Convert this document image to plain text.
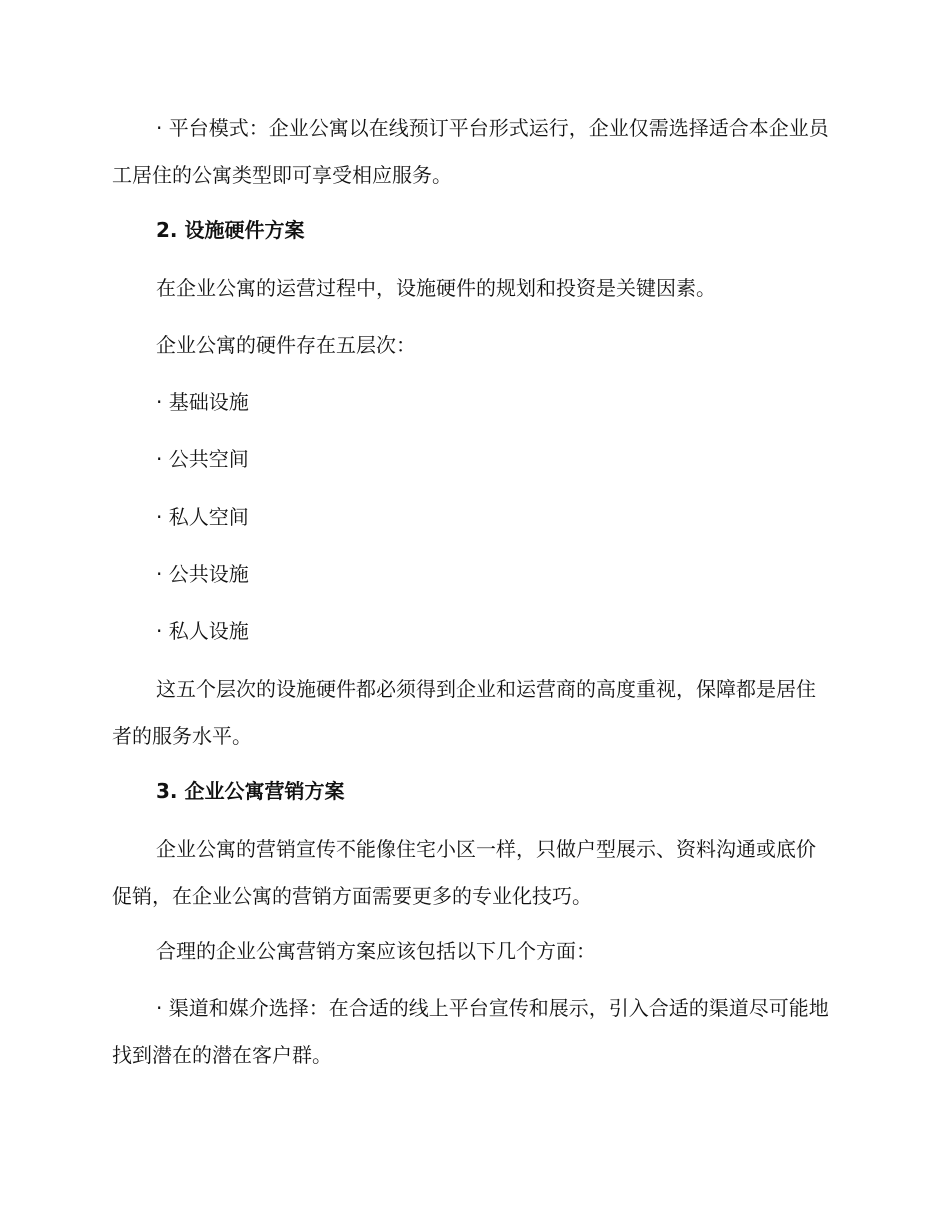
· 平台模式：企业公寓以在线预订平台形式运行，企业仅需选择适合本企业员工居住的公寓类型即可享受相应服务。

2. 设施硬件方案

在企业公寓的运营过程中，设施硬件的规划和投资是关键因素。

企业公寓的硬件存在五层次：

· 基础设施

· 公共空间

· 私人空间

· 公共设施

· 私人设施

这五个层次的设施硬件都必须得到企业和运营商的高度重视，保障都是居住者的服务水平。

3. 企业公寓营销方案

企业公寓的营销宣传不能像住宅小区一样，只做户型展示、资料沟通或底价促销，在企业公寓的营销方面需要更多的专业化技巧。

合理的企业公寓营销方案应该包括以下几个方面：

· 渠道和媒介选择：在合适的线上平台宣传和展示，引入合适的渠道尽可能地找到潜在的潜在客户群。
